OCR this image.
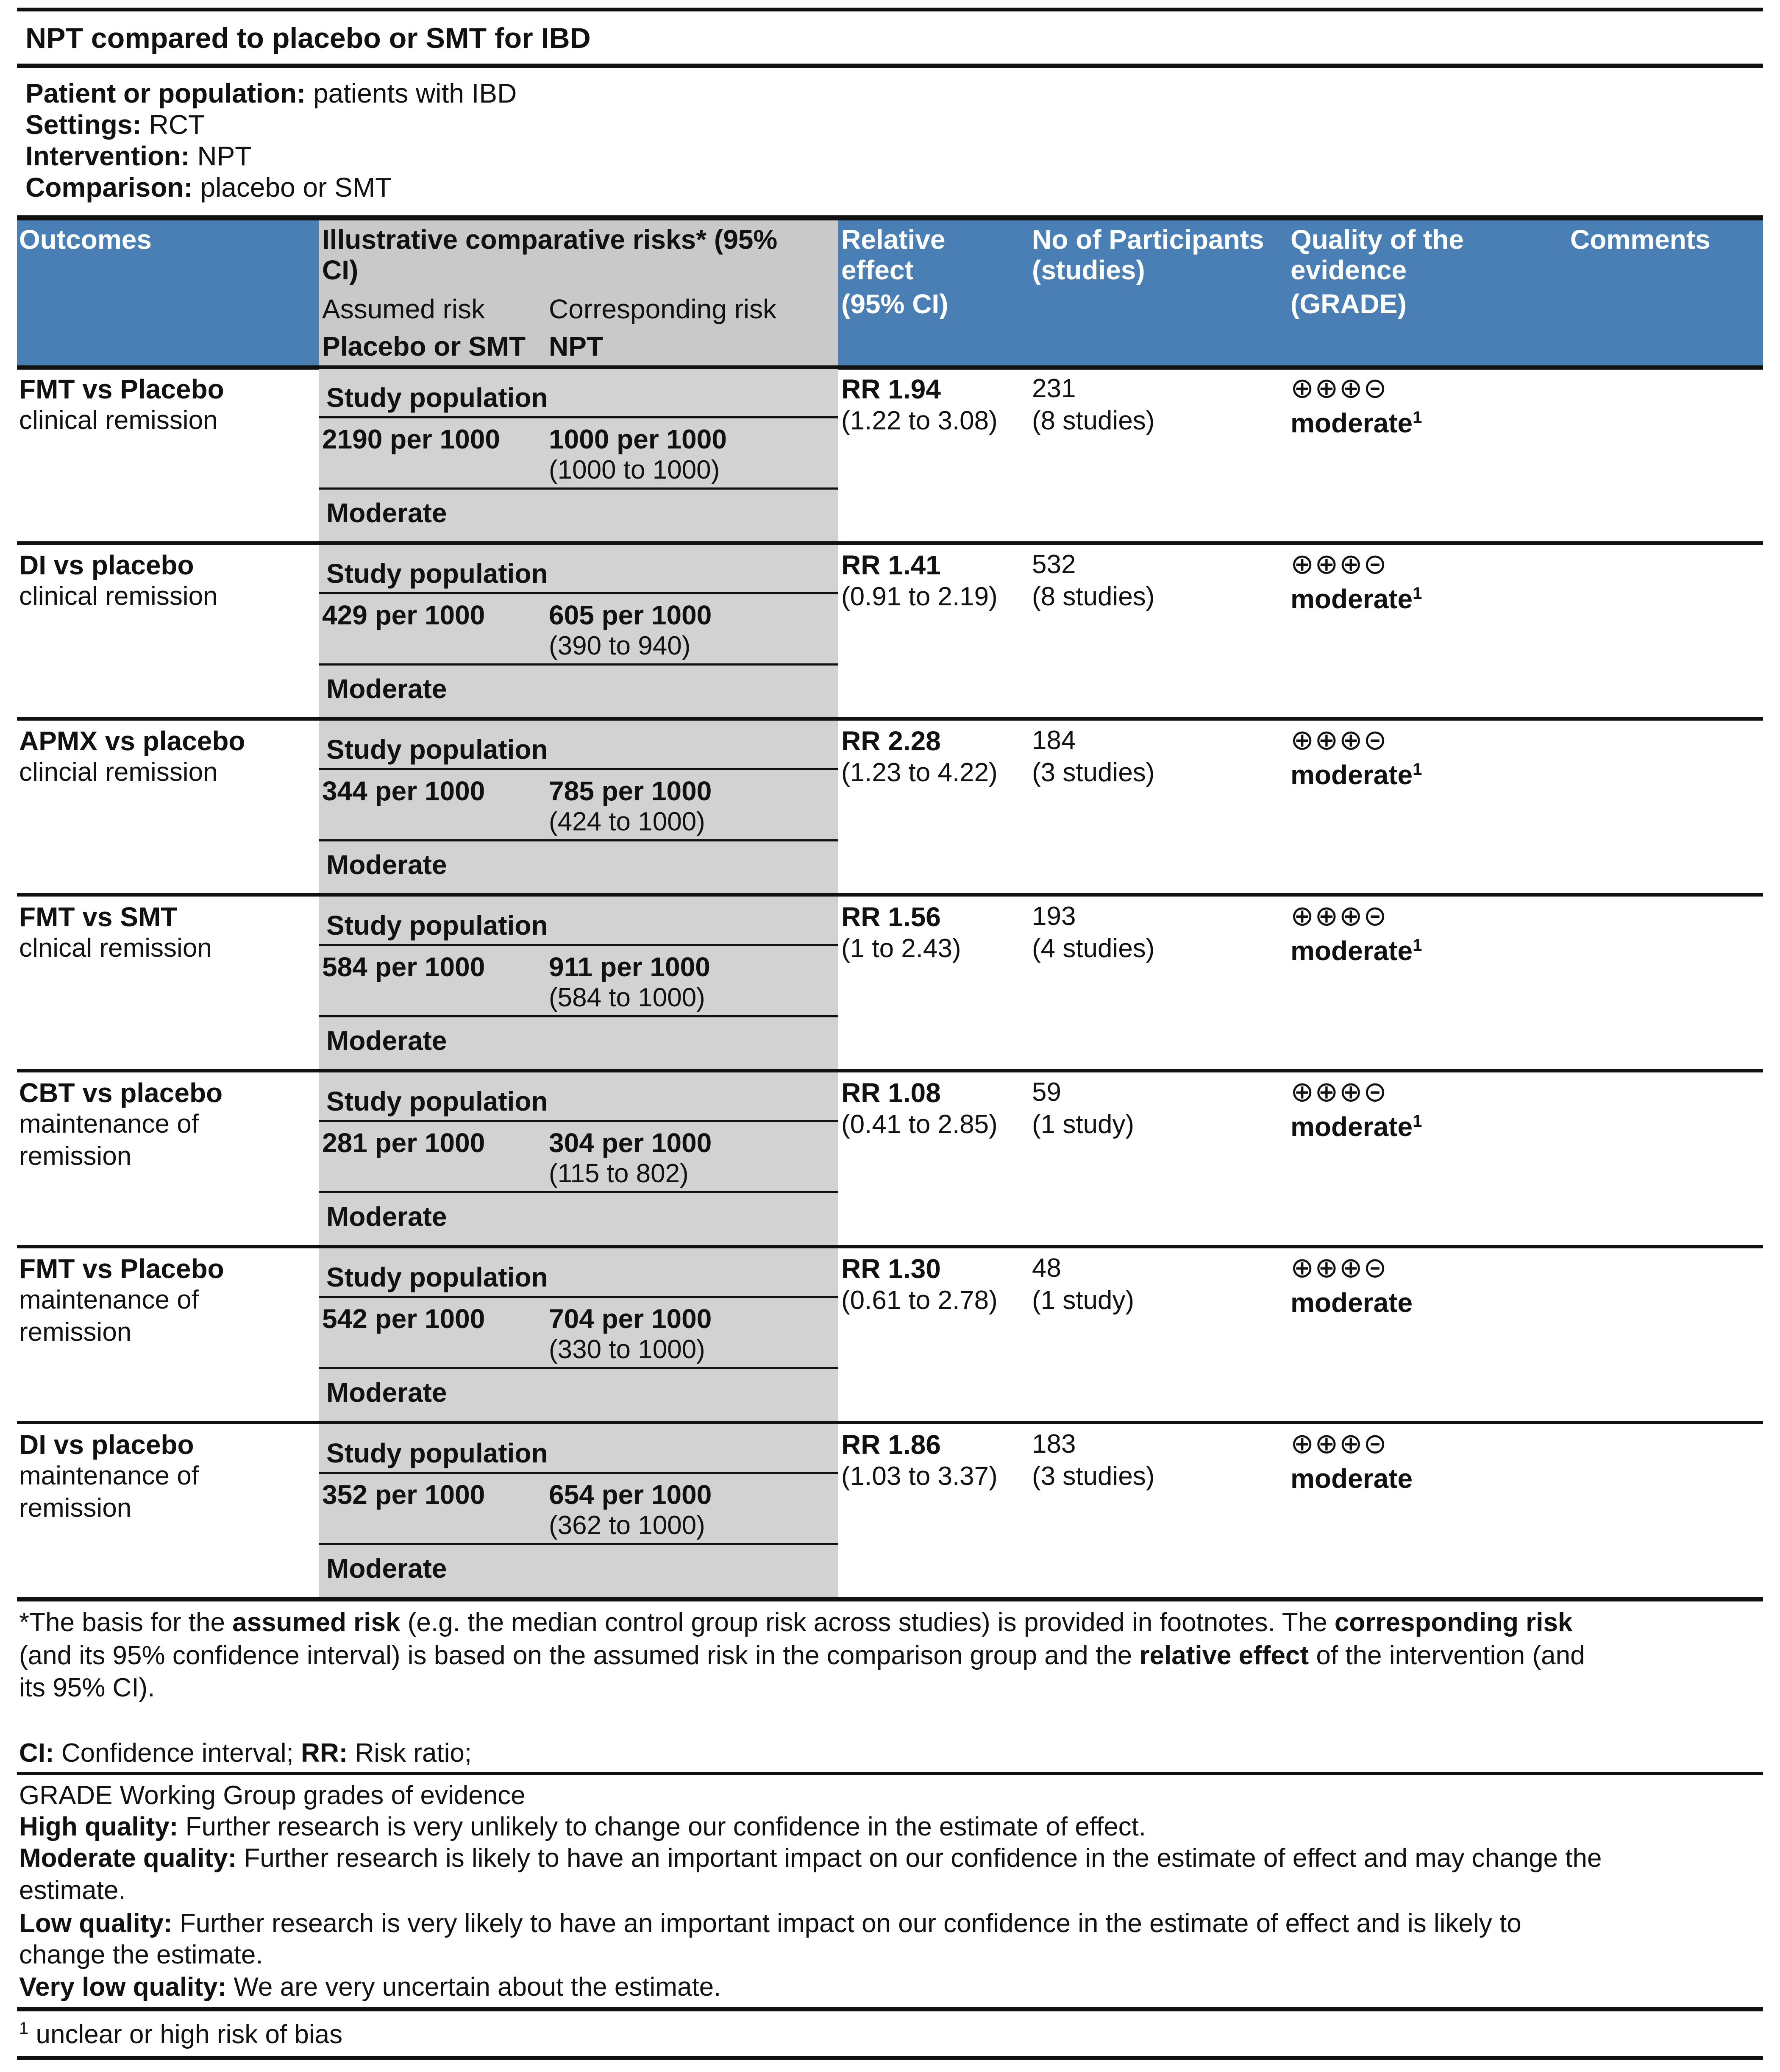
NPT compared to placebo or SMT for IBD
Patient or population: patients with IBD
Settings: RCT
Intervention: NPT
Comparison: placebo or SMT
Outcomes	Illustrative comparative risks* (95%
CI)
Assumed risk Corresponding risk
Placebo or SMT NPT
Relative
effect
(95% CI)
No of Participants
(studies)
Quality of the
evidence
(GRADE)
Comments
FMT vs Placebo
clinical remission
Study population
2190 per 1000 1000 per 1000
(1000 to 1000)
Moderate
RR 1.94
(1.22 to 3.08)
231
(8 studies)
⊕⊕⊕⊝
moderate$^1$
DI vs placebo
clinical remission
Study population
429 per 1000 605 per 1000
(390 to 940)
Moderate
RR 1.41
(0.91 to 2.19)
532
(8 studies)
⊕⊕⊕⊝
moderate$^1$
APMX vs placebo
clincial remission
Study population
344 per 1000 785 per 1000
(424 to 1000)
Moderate
RR 2.28
(1.23 to 4.22)
184
(3 studies)
⊕⊕⊕⊝
moderate$^1$
FMT vs SMT
clnical remission
Study population
584 per 1000 911 per 1000
(584 to 1000)
Moderate
RR 1.56
(1 to 2.43)
193
(4 studies)
⊕⊕⊕⊝
moderate$^1$
CBT vs placebo
maintenance of
remission
Study population
281 per 1000 304 per 1000
(115 to 802)
Moderate
RR 1.08
(0.41 to 2.85)
59
(1 study)
⊕⊕⊕⊝
moderate$^1$
FMT vs Placebo
maintenance of
remission
Study population
542 per 1000 704 per 1000
(330 to 1000)
Moderate
RR 1.30
(0.61 to 2.78)
48
(1 study)
⊕⊕⊕⊝
moderate
DI vs placebo
maintenance of
remission
Study population
352 per 1000 654 per 1000
(362 to 1000)
Moderate
RR 1.86
(1.03 to 3.37)
183
(3 studies)
⊕⊕⊕⊝
moderate
*The basis for the assumed risk (e.g. the median control group risk across studies) is provided in footnotes. The corresponding risk
(and its 95% confidence interval) is based on the assumed risk in the comparison group and the relative effect of the intervention (and
its 95% CI).
CI: Confidence interval; RR: Risk ratio;
GRADE Working Group grades of evidence
High quality: Further research is very unlikely to change our confidence in the estimate of effect.
Moderate quality: Further research is likely to have an important impact on our confidence in the estimate of effect and may change the
estimate.
Low quality: Further research is very likely to have an important impact on our confidence in the estimate of effect and is likely to
change the estimate.
Very low quality: We are very uncertain about the estimate.
$^1$ unclear or high risk of bias
